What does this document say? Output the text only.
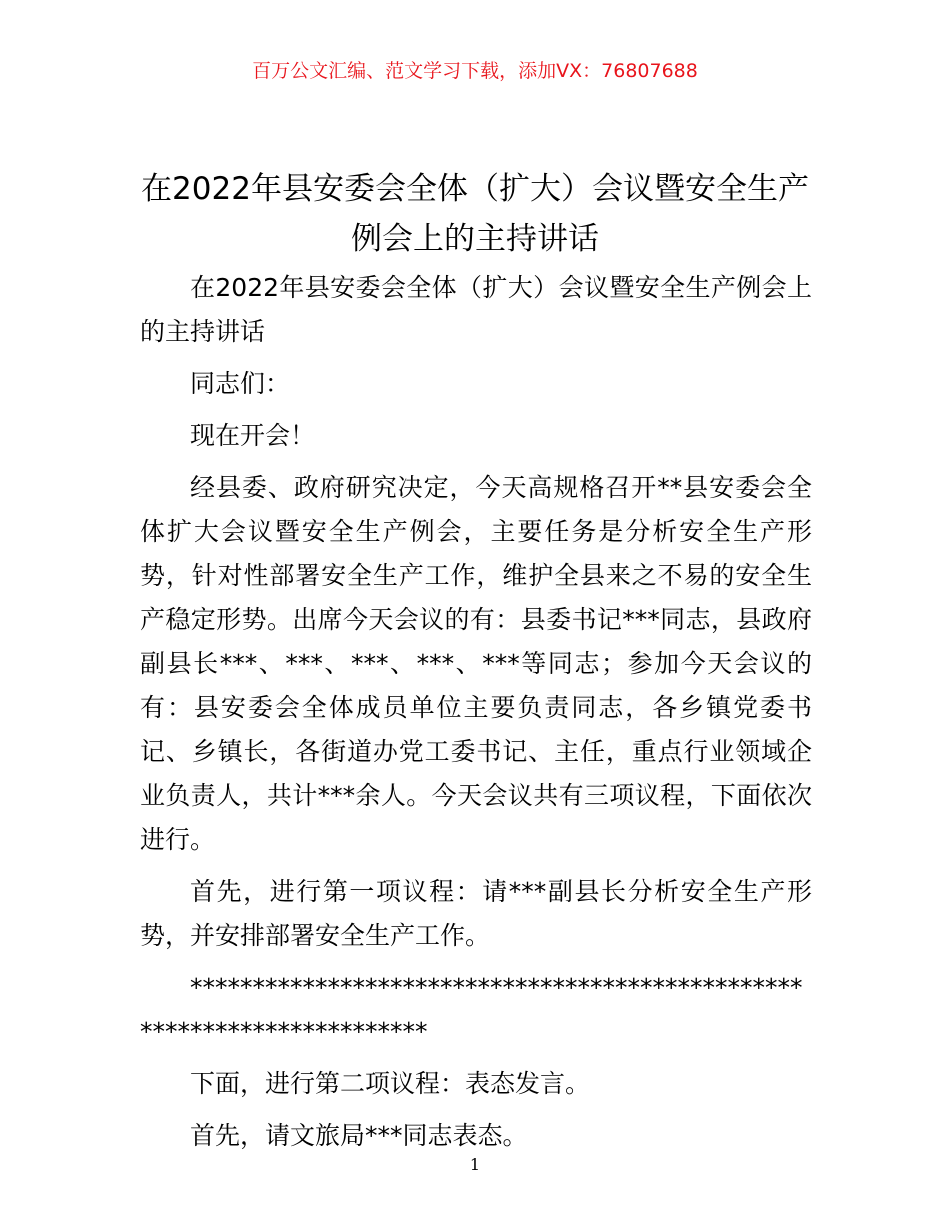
百万公文汇编、范文学习下载，添加VX：76807688
在2022年县安委会全体（扩大）会议暨安全生产例会上的主持讲话

在2022年县安委会全体（扩大）会议暨安全生产例会上的主持讲话

同志们：

现在开会！

经县委、政府研究决定，今天高规格召开**县安委会全体扩大会议暨安全生产例会，主要任务是分析安全生产形势，针对性部署安全生产工作，维护全县来之不易的安全生产稳定形势。出席今天会议的有：县委书记***同志，县政府副县长***、***、***、***、***等同志；参加今天会议的有：县安委会全体成员单位主要负责同志，各乡镇党委书记、乡镇长，各街道办党工委书记、主任，重点行业领域企业负责人，共计***余人。今天会议共有三项议程，下面依次进行。

首先，进行第一项议程：请***副县长分析安全生产形势，并安排部署安全生产工作。

************************************************************************

下面，进行第二项议程：表态发言。

首先，请文旅局***同志表态。

1
